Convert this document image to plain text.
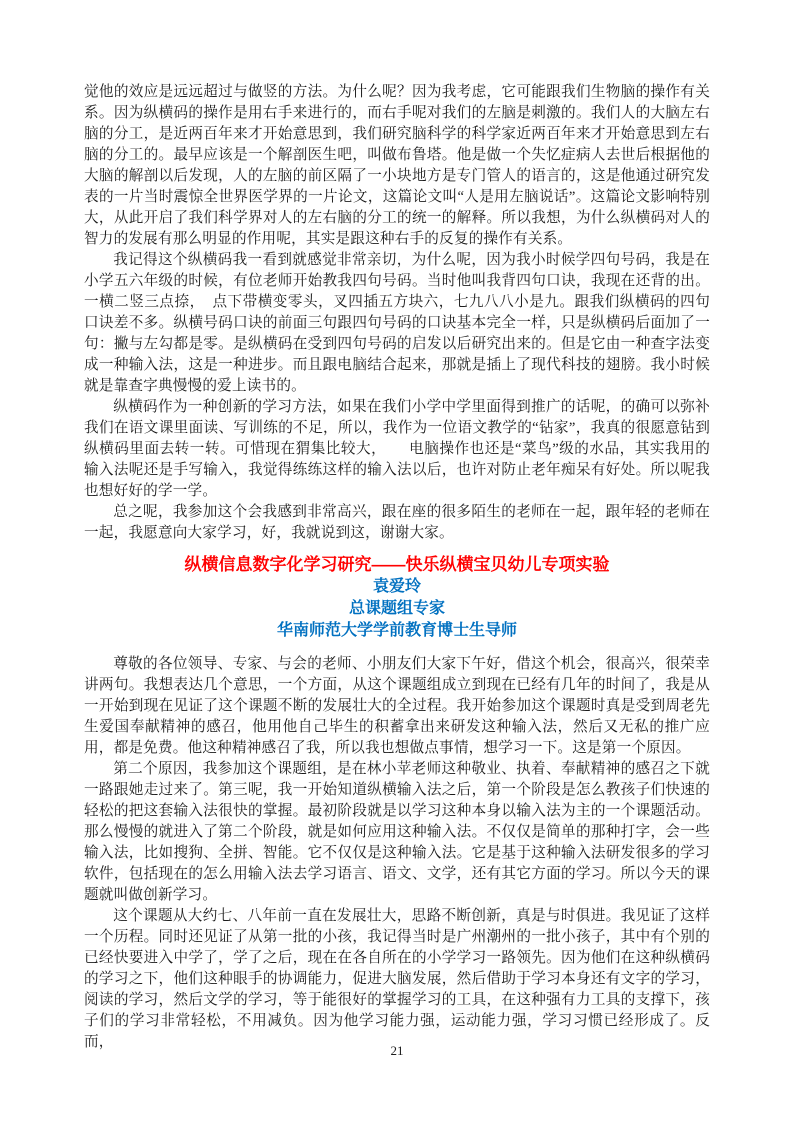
觉他的效应是远远超过与做竖的方法。为什么呢？因为我考虑，它可能跟我们生物脑的操作有关系。因为纵横码的操作是用右手来进行的，而右手呢对我们的左脑是刺激的。我们人的大脑左右脑的分工，是近两百年来才开始意思到，我们研究脑科学的科学家近两百年来才开始意思到左右脑的分工的。最早应该是一个解剖医生吧，叫做布鲁塔。他是做一个失忆症病人去世后根据他的大脑的解剖以后发现，人的左脑的前区隔了一小块地方是专门管人的语言的，这是他通过研究发表的一片当时震惊全世界医学界的一片论文，这篇论文叫“人是用左脑说话”。这篇论文影响特别大，从此开启了我们科学界对人的左右脑的分工的统一的解释。所以我想，为什么纵横码对人的智力的发展有那么明显的作用呢，其实是跟这种右手的反复的操作有关系。

我记得这个纵横码我一看到就感觉非常亲切，为什么呢，因为我小时候学四句号码，我是在小学五六年级的时候，有位老师开始教我四句号码。当时他叫我背四句口诀，我现在还背的出。一横二竖三点捺，　点下带横变零头，叉四插五方块六，七九八八小是九。跟我们纵横码的四句口诀差不多。纵横号码口诀的前面三句跟四句号码的口诀基本完全一样，只是纵横码后面加了一句：撇与左勾都是零。是纵横码在受到四句号码的启发以后研究出来的。但是它由一种查字法变成一种输入法，这是一种进步。而且跟电脑结合起来，那就是插上了现代科技的翅膀。我小时候就是靠查字典慢慢的爱上读书的。

纵横码作为一种创新的学习方法，如果在我们小学中学里面得到推广的话呢，的确可以弥补我们在语文课里面读、写训练的不足，所以，我作为一位语文教学的“钻家”，我真的很愿意钻到纵横码里面去转一转。可惜现在猬集比较大，　　电脑操作也还是“菜鸟”级的水品，其实我用的输入法呢还是手写输入，我觉得练练这样的输入法以后，也许对防止老年痴呆有好处。所以呢我也想好好的学一学。

总之呢，我参加这个会我感到非常高兴，跟在座的很多陌生的老师在一起，跟年轻的老师在一起，我愿意向大家学习，好，我就说到这，谢谢大家。

纵横信息数字化学习研究——快乐纵横宝贝幼儿专项实验
袁爱玲
总课题组专家
华南师范大学学前教育博士生导师

尊敬的各位领导、专家、与会的老师、小朋友们大家下午好，借这个机会，很高兴，很荣幸讲两句。我想表达几个意思，一个方面，从这个课题组成立到现在已经有几年的时间了，我是从一开始到现在见证了这个课题不断的发展壮大的全过程。我开始参加这个课题时真是受到周老先生爱国奉献精神的感召，他用他自己毕生的积蓄拿出来研发这种输入法，然后又无私的推广应用，都是免费。他这种精神感召了我，所以我也想做点事情，想学习一下。这是第一个原因。

第二个原因，我参加这个课题组，是在林小苹老师这种敬业、执着、奉献精神的感召之下就一路跟她走过来了。第三呢，我一开始知道纵横输入法之后，第一个阶段是怎么教孩子们快速的轻松的把这套输入法很快的掌握。最初阶段就是以学习这种本身以输入法为主的一个课题活动。那么慢慢的就进入了第二个阶段，就是如何应用这种输入法。不仅仅是简单的那种打字，会一些输入法，比如搜狗、全拼、智能。它不仅仅是这种输入法。它是基于这种输入法研发很多的学习软件，包括现在的怎么用输入法去学习语言、语文、文学，还有其它方面的学习。所以今天的课题就叫做创新学习。

这个课题从大约七、八年前一直在发展壮大，思路不断创新，真是与时俱进。我见证了这样一个历程。同时还见证了从第一批的小孩，我记得当时是广州潮州的一批小孩子，其中有个别的已经快要进入中学了，学了之后，现在在各自所在的小学学习一路领先。因为他们在这种纵横码的学习之下，他们这种眼手的协调能力，促进大脑发展，然后借助于学习本身还有文字的学习，阅读的学习，然后文学的学习，等于能很好的掌握学习的工具，在这种强有力工具的支撑下，孩子们的学习非常轻松，不用减负。因为他学习能力强，运动能力强，学习习惯已经形成了。反而，

21
